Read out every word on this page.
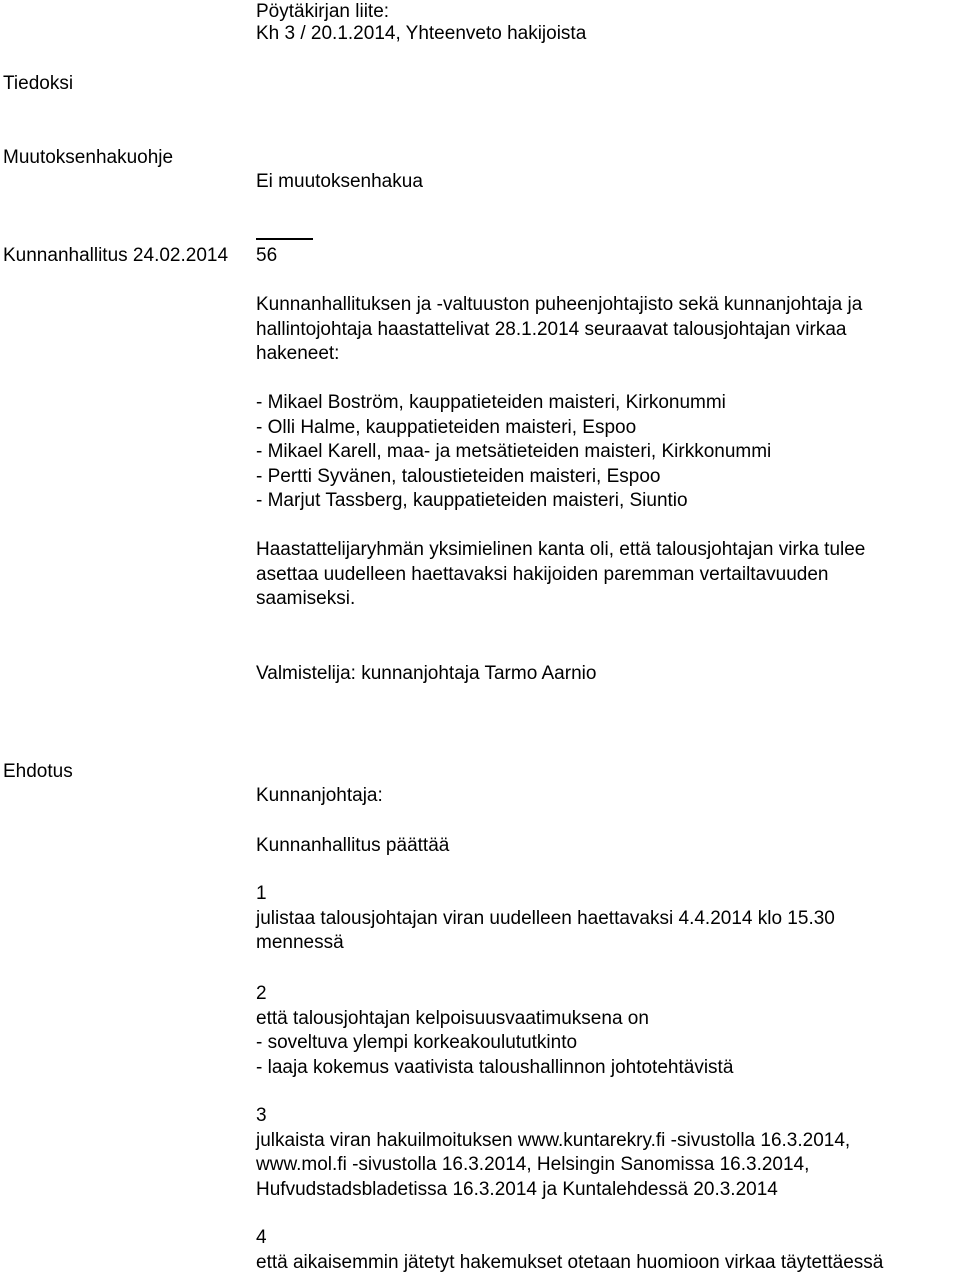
Pöytäkirjan liite:

Kh 3 / 20.1.2014, Yhteenveto hakijoista

Tiedoksi

Muutoksenhakuohje

Ei muutoksenhakua

Kunnanhallitus 24.02.2014 56

Kunnanhallituksen ja -valtuuston puheenjohtajisto sekä kunnanjohtaja ja
hallintojohtaja haastattelivat 28.1.2014 seuraavat talousjohtajan virkaa
hakeneet:
- Mikael Boström, kauppatieteiden maisteri, Kirkonummi
- Olli Halme, kauppatieteiden maisteri, Espoo
- Mikael Karell, maa- ja metsätieteiden maisteri, Kirkkonummi
- Pertti Syvänen, taloustieteiden maisteri, Espoo
- Marjut Tassberg, kauppatieteiden maisteri, Siuntio
Haastattelijaryhmän yksimielinen kanta oli, että talousjohtajan virka tulee
asettaa uudelleen haettavaksi hakijoiden paremman vertailtavuuden
saamiseksi.

Valmistelija: kunnanjohtaja Tarmo Aarnio

Ehdotus

Kunnanjohtaja:

Kunnanhallitus päättää

1
julistaa talousjohtajan viran uudelleen haettavaksi 4.4.2014 klo 15.30
mennessä
2
että talousjohtajan kelpoisuusvaatimuksena on
- soveltuva ylempi korkeakoulututkinto
- laaja kokemus vaativista taloushallinnon johtotehtävistä
3
julkaista viran hakuilmoituksen www.kuntarekry.fi -sivustolla 16.3.2014,
www.mol.fi -sivustolla 16.3.2014, Helsingin Sanomissa 16.3.2014,
Hufvudstadsbladetissa 16.3.2014 ja Kuntalehdessä 20.3.2014
4
että aikaisemmin jätetyt hakemukset otetaan huomioon virkaa täytettäessä
